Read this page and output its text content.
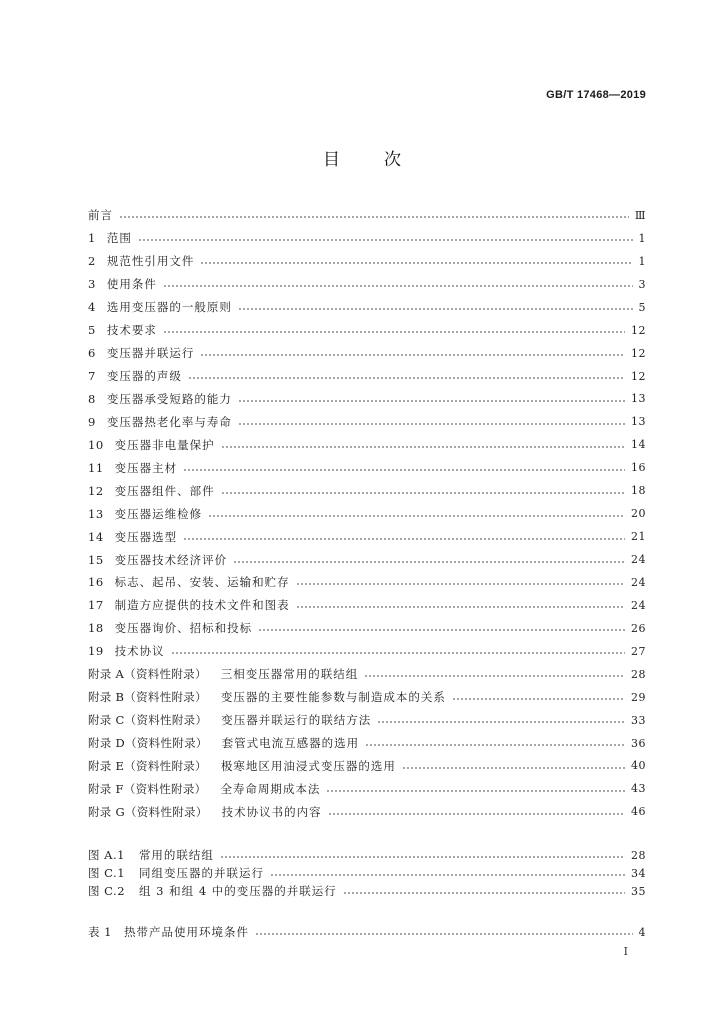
GB/T 17468—2019
目次
前言	Ⅲ
1 范围	1
2 规范性引用文件	1
3 使用条件	3
4 选用变压器的一般原则	5
5 技术要求	12
6 变压器并联运行	12
7 变压器的声级	12
8 变压器承受短路的能力	13
9 变压器热老化率与寿命	13
10 变压器非电量保护	14
11 变压器主材	16
12 变压器组件、部件	18
13 变压器运维检修	20
14 变压器选型	21
15 变压器技术经济评价	24
16 标志、起吊、安装、运输和贮存	24
17 制造方应提供的技术文件和图表	24
18 变压器询价、招标和投标	26
19 技术协议	27
附录 A（资料性附录） 三相变压器常用的联结组	28
附录 B（资料性附录） 变压器的主要性能参数与制造成本的关系	29
附录 C（资料性附录） 变压器并联运行的联结方法	33
附录 D（资料性附录） 套管式电流互感器的选用	36
附录 E（资料性附录） 极寒地区用油浸式变压器的选用	40
附录 F（资料性附录） 全寿命周期成本法	43
附录 G（资料性附录） 技术协议书的内容	46
图 A.1 常用的联结组	28
图 C.1 同组变压器的并联运行	34
图 C.2 组 3 和组 4 中的变压器的并联运行	35
表 1 热带产品使用环境条件	4
I
